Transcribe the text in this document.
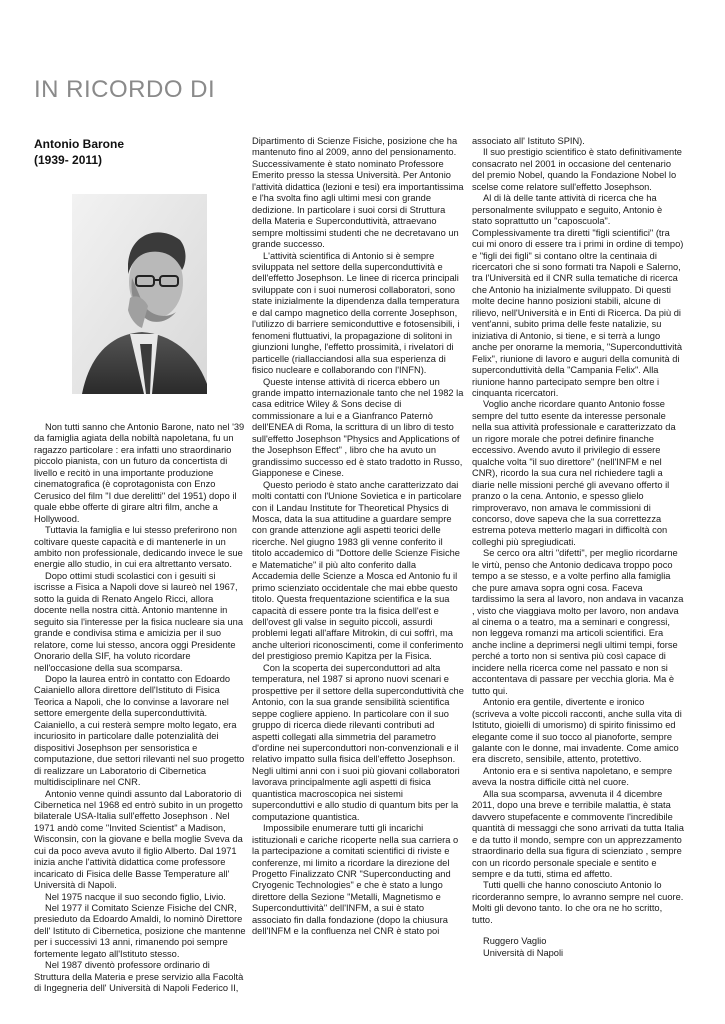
IN RICORDO DI

Antonio Barone

(1939- 2011)

Non tutti sanno che Antonio Barone, nato nel '39 da famiglia agiata della nobiltà napoletana, fu un ragazzo particolare : era infatti uno straordinario piccolo pianista, con un futuro da concertista di livello e recitò in una importante produzione cinematografica (è coprotagonista con Enzo Cerusico del film "I due derelitti" del 1951) dopo il quale ebbe offerte di girare altri film, anche a Hollywood.

Tuttavia la famiglia e lui stesso preferirono non coltivare queste capacità e di mantenerle in un ambito non professionale, dedicando invece le sue energie allo studio, in cui era altrettanto versato.

Dopo ottimi studi scolastici con i gesuiti si iscrisse a Fisica a Napoli dove si laureò nel 1967, sotto la guida di Renato Angelo Ricci, allora docente nella nostra città. Antonio mantenne in seguito sia l'interesse per la fisica nucleare sia una grande e condivisa stima e amicizia per il suo relatore, come lui stesso, ancora oggi Presidente Onorario della SIF, ha voluto ricordare nell'occasione della sua scomparsa.

Dopo la laurea entrò in contatto con Edoardo Caianiello allora direttore dell'Istituto di Fisica Teorica a Napoli, che lo convinse a lavorare nel settore emergente della superconduttività. Caianiello, a cui resterà sempre molto legato, era incuriosito in particolare dalle potenzialità dei dispositivi Josephson per sensoristica e computazione, due settori rilevanti nel suo progetto di realizzare un Laboratorio di Cibernetica multidisciplinare nel CNR.

Antonio venne quindi assunto dal Laboratorio di Cibernetica nel 1968 ed entrò subito in un progetto bilaterale USA-Italia sull'effetto Josephson . Nel 1971 andò come "Invited Scientist" a Madison, Wisconsin, con la giovane e bella moglie Sveva da cui da poco aveva avuto il figlio Alberto. Dal 1971 inizia anche l'attività didattica come professore incaricato di Fisica delle Basse Temperature all' Università di Napoli.

Nel 1975 nacque il suo secondo figlio, Livio.

Nel 1977 il Comitato Scienze Fisiche del CNR, presieduto da Edoardo Amaldi, lo nominò Direttore dell' Istituto di Cibernetica, posizione che mantenne per i successivi 13 anni, rimanendo poi sempre fortemente legato all'Istituto stesso.

Nel 1987 diventò professore ordinario di Struttura della Materia e prese servizio alla Facoltà di Ingegneria dell' Università di Napoli Federico II,

Dipartimento di Scienze Fisiche, posizione che ha mantenuto fino al 2009, anno del pensionamento. Successivamente è stato nominato Professore Emerito presso la stessa Università. Per Antonio l'attività didattica (lezioni e tesi) era importantissima e l'ha svolta fino agli ultimi mesi con grande dedizione. In particolare i suoi corsi di Struttura della Materia e Superconduttività, attraevano sempre moltissimi studenti che ne decretavano un grande successo.

L'attività scientifica di Antonio si è sempre sviluppata nel settore della superconduttività e dell'effetto Josephson. Le linee di ricerca principali sviluppate con i suoi numerosi collaboratori, sono state inizialmente la dipendenza dalla temperatura e dal campo magnetico della corrente Josephson, l'utilizzo di barriere semiconduttive e fotosensibili, i fenomeni fluttuativi, la propagazione di solitoni in giunzioni lunghe, l'effetto prossimità, i rivelatori di particelle (riallacciandosi alla sua esperienza di fisico nucleare e collaborando con l'INFN).

Queste intense attività di ricerca ebbero un grande impatto internazionale tanto che nel 1982 la casa editrice Wiley & Sons decise di commissionare a lui e a Gianfranco Paternò dell'ENEA di Roma, la scrittura di un libro di testo sull'effetto Josephson "Physics and Applications of the Josephson Effect" , libro che ha avuto un grandissimo successo ed è stato tradotto in Russo, Giapponese e Cinese.

Questo periodo è stato anche caratterizzato dai molti contatti con l'Unione Sovietica e in particolare con il Landau Institute for Theoretical Physics di Mosca, data la sua attitudine a guardare sempre con grande attenzione agli aspetti teorici delle ricerche. Nel giugno 1983 gli venne conferito il titolo accademico di "Dottore delle Scienze Fisiche e Matematiche" il più alto conferito dalla Accademia delle Scienze a Mosca ed Antonio fu il primo scienziato occidentale che mai ebbe questo titolo. Questa frequentazione scientifica e la sua capacità di essere ponte tra la fisica dell'est e dell'ovest gli valse in seguito piccoli, assurdi problemi legati all'affare Mitrokin, di cui soffrì, ma anche ulteriori riconoscimenti, come il conferimento del prestigioso premio Kapitza per la Fisica.

Con la scoperta dei superconduttori ad alta temperatura, nel 1987 si aprono nuovi scenari e prospettive per il settore della superconduttività che Antonio, con la sua grande sensibilità scientifica seppe cogliere appieno. In particolare con il suo gruppo di ricerca diede rilevanti contributi ad aspetti collegati alla simmetria del parametro d'ordine nei superconduttori non-convenzionali e il relativo impatto sulla fisica dell'effetto Josephson. Negli ultimi anni con i suoi più giovani collaboratori lavorava principalmente agli aspetti di fisica quantistica macroscopica nei sistemi superconduttivi e allo studio di quantum bits per la computazione quantistica.

Impossibile enumerare tutti gli incarichi istituzionali e cariche ricoperte nella sua carriera o la partecipazione a comitati scientifici di riviste e conferenze, mi limito a ricordare la direzione del Progetto Finalizzato CNR "Superconducting and Cryogenic Technologies" e che è stato a lungo direttore della Sezione "Metalli, Magnetismo e Superconduttività" dell'INFM, a sui è stato associato fin dalla fondazione (dopo la chiusura dell'INFM e la confluenza nel CNR è stato poi

associato all' Istituto SPIN).

Il suo prestigio scientifico è stato definitivamente consacrato nel 2001 in occasione del centenario del premio Nobel, quando la Fondazione Nobel lo scelse come relatore sull'effetto Josephson.

Al di là delle tante attività di ricerca che ha personalmente sviluppato e seguito, Antonio è stato soprattutto un "caposcuola". Complessivamente tra diretti "figli scientifici" (tra cui mi onoro di essere tra i primi in ordine di tempo) e "figli dei figli" si contano oltre la centinaia di ricercatori che si sono formati tra Napoli e Salerno, tra l'Università ed il CNR sulla tematiche di ricerca che Antonio ha inizialmente sviluppato. Di questi molte decine hanno posizioni stabili, alcune di rilievo, nell'Università e in Enti di Ricerca. Da più di vent'anni, subito prima delle feste natalizie, su iniziativa di Antonio, si tiene, e si terrà a lungo anche per onorarne la memoria, "Superconduttività Felix", riunione di lavoro e auguri della comunità di superconduttività della "Campania Felix". Alla riunione hanno partecipato sempre ben oltre i cinquanta ricercatori.

Voglio anche ricordare quanto Antonio fosse sempre del tutto esente da interesse personale nella sua attività professionale e caratterizzato da un rigore morale che potrei definire finanche eccessivo. Avendo avuto il privilegio di essere qualche volta "il suo direttore" (nell'INFM e nel CNR), ricordo la sua cura nel richiedere tagli a diarie nelle missioni perché gli avevano offerto il pranzo o la cena. Antonio, e spesso glielo rimproveravo, non amava le commissioni di concorso, dove sapeva che la sua correttezza estrema poteva metterlo magari in difficoltà con colleghi più spregiudicati.

Se cerco ora altri "difetti", per meglio ricordarne le virtù, penso che Antonio dedicava troppo poco tempo a se stesso, e a volte perfino alla famiglia che pure amava sopra ogni cosa. Faceva tardissimo la sera al lavoro, non andava in vacanza , visto che viaggiava molto per lavoro, non andava al cinema o a teatro, ma a seminari e congressi, non leggeva romanzi ma articoli scientifici. Era anche incline a deprimersi negli ultimi tempi, forse perché a torto non si sentiva più così capace di incidere nella ricerca come nel passato e non si accontentava di passare per vecchia gloria. Ma è tutto qui.

Antonio era gentile, divertente e ironico (scriveva a volte piccoli racconti, anche sulla vita di Istituto, gioielli di umorismo) di spirito finissimo ed elegante come il suo tocco al pianoforte, sempre galante con le donne, mai invadente. Come amico era discreto, sensibile, attento, protettivo.

Antonio era e si sentiva napoletano, e sempre aveva la nostra difficile città nel cuore.

Alla sua scomparsa, avvenuta il 4 dicembre 2011, dopo una breve e terribile malattia, è stata davvero stupefacente e commovente l'incredibile quantità di messaggi che sono arrivati da tutta Italia e da tutto il mondo, sempre con un apprezzamento straordinario della sua figura di scienziato , sempre con un ricordo personale speciale e sentito e sempre e da tutti, stima ed affetto.

Tutti quelli che hanno conosciuto Antonio lo ricorderanno sempre, lo avranno sempre nel cuore. Molti gli devono tanto. Io che ora ne ho scritto, tutto.

Ruggero Vaglio

Università di Napoli
